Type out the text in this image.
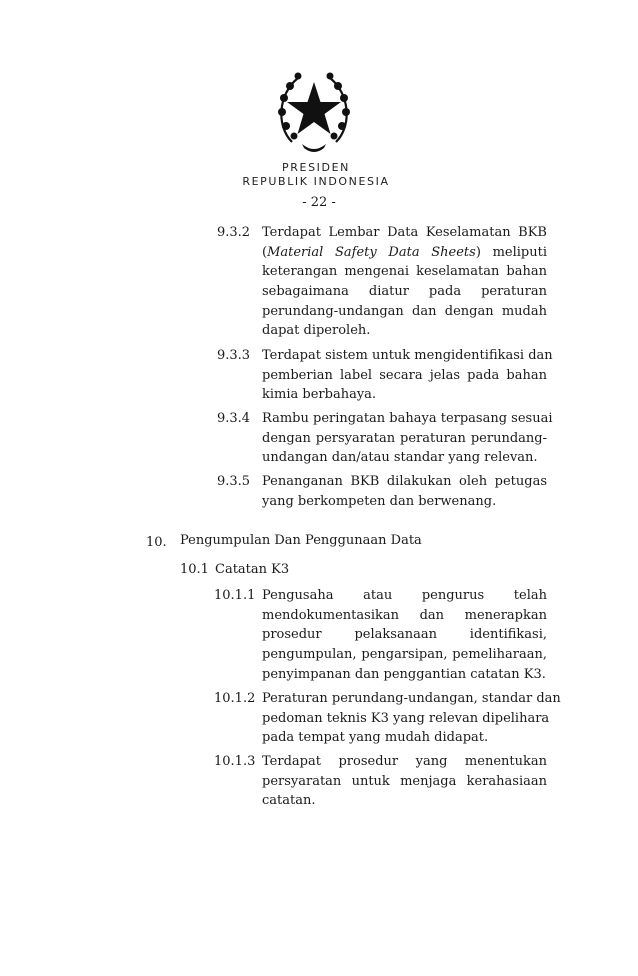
PRESIDEN
REPUBLIK INDONESIA
- 22 -
9.3.2 Terdapat Lembar Data Keselamatan BKB
(Material Safety Data Sheets) meliputi
keterangan mengenai keselamatan bahan
sebagaimana diatur pada peraturan
perundang-undangan dan dengan mudah
dapat diperoleh.
9.3.3 Terdapat sistem untuk mengidentifikasi dan
pemberian label secara jelas pada bahan
kimia berbahaya.
9.3.4 Rambu peringatan bahaya terpasang sesuai
dengan persyaratan peraturan perundang-
undangan dan/atau standar yang relevan.
9.3.5 Penanganan BKB dilakukan oleh petugas
yang berkompeten dan berwenang.
10. Pengumpulan Dan Penggunaan Data
10.1 Catatan K3
10.1.1 Pengusaha atau pengurus telah
mendokumentasikan dan menerapkan
prosedur pelaksanaan identifikasi,
pengumpulan, pengarsipan, pemeliharaan,
penyimpanan dan penggantian catatan K3.
10.1.2 Peraturan perundang-undangan, standar dan
pedoman teknis K3 yang relevan dipelihara
pada tempat yang mudah didapat.
10.1.3 Terdapat prosedur yang menentukan
persyaratan untuk menjaga kerahasiaan
catatan.
